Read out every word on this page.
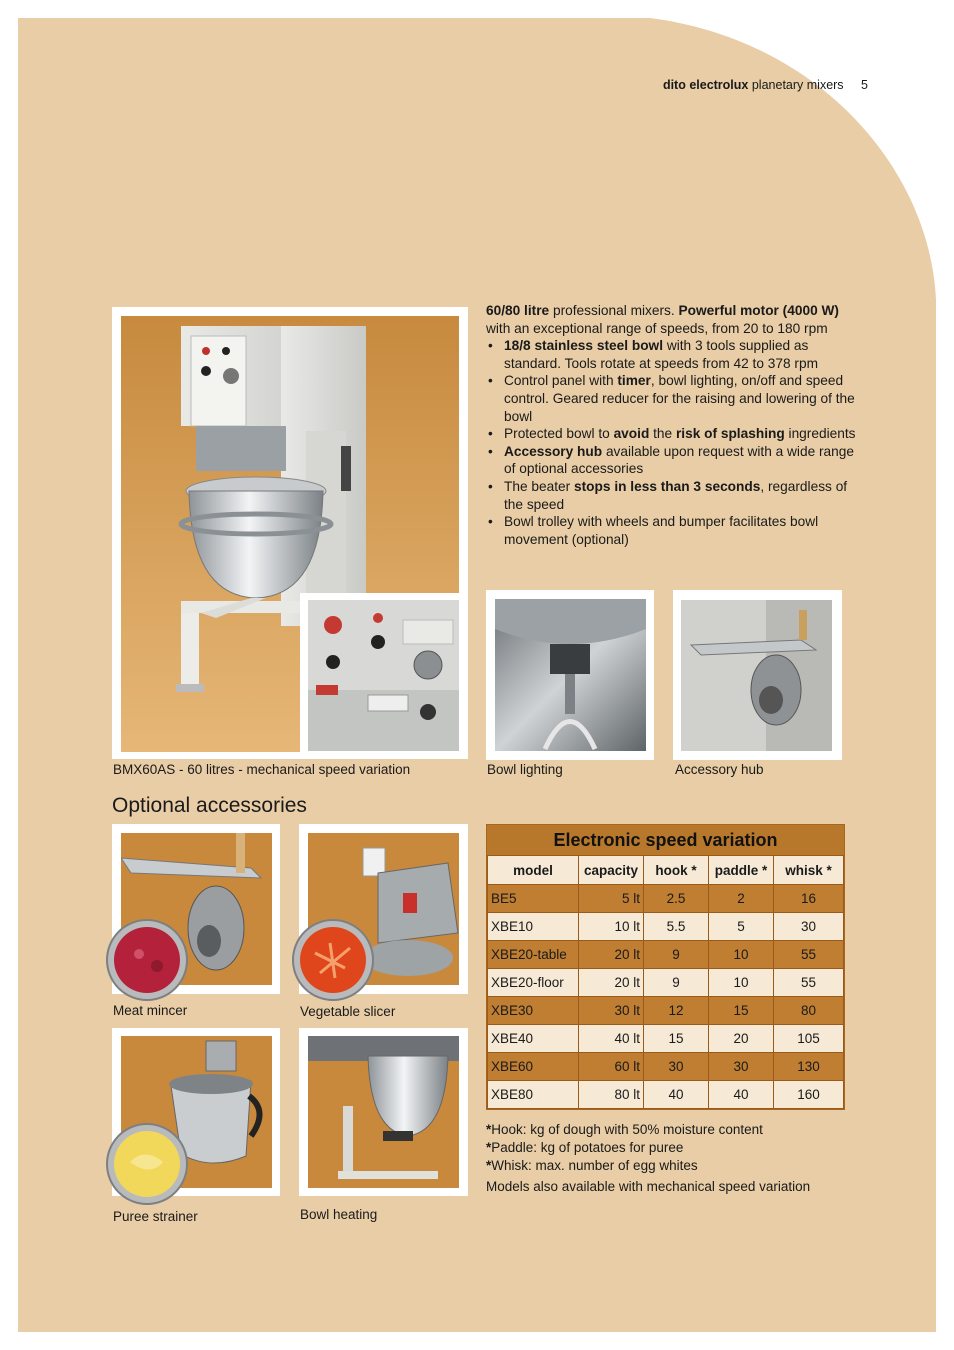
dito electrolux planetary mixers 5
BMX60AS - 60 litres - mechanical speed variation	Bowl lighting	Accessory hub

60/80 litre professional mixers. Powerful motor (4000 W) with an exceptional range of speeds, from 20 to 180 rpm

• 18/8 stainless steel bowl with 3 tools supplied as standard. Tools rotate at speeds from 42 to 378 rpm
• Control panel with timer, bowl lighting, on/off and speed control. Geared reducer for the raising and lowering of the bowl
• Protected bowl to avoid the risk of splashing ingredients
• Accessory hub available upon request with a wide range of optional accessories
• The beater stops in less than 3 seconds, regardless of the speed
• Bowl trolley with wheels and bumper facilitates bowl movement (optional)
Optional accessories
Meat mincer	Vegetable slicer
Puree strainer	Bowl heating
Electronic speed variation
model	capacity	hook *	paddle *	whisk *
BE5	5 lt	2.5	2	16
XBE10	10 lt	5.5	5	30
XBE20-table	20 lt	9	10	55
XBE20-floor	20 lt	9	10	55
XBE30	30 lt	12	15	80
XBE40	40 lt	15	20	105
XBE60	60 lt	30	30	130
XBE80	80 lt	40	40	160

*Hook: kg of dough with 50% moisture content

*Paddle: kg of potatoes for puree

*Whisk: max. number of egg whites

Models also available with mechanical speed variation
